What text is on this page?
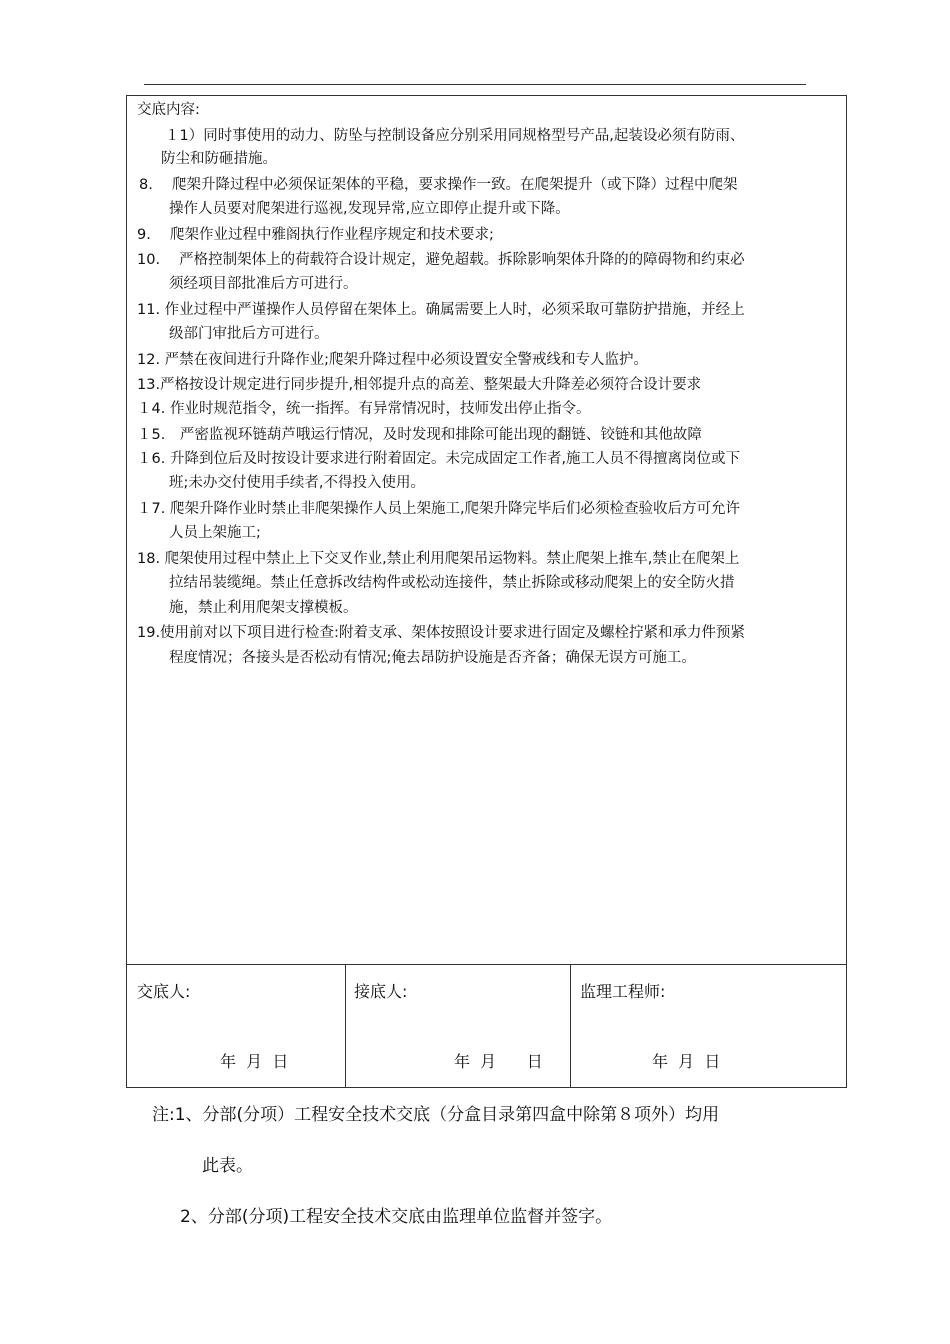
交底内容:
１1）同时事使用的动力、防坠与控制设备应分别采用同规格型号产品,起装设必须有防雨、
防尘和防砸措施。
8.　 爬架升降过程中必须保证架体的平稳，要求操作一致。在爬架提升（或下降）过程中爬架
操作人员要对爬架进行巡视,发现异常,应立即停止提升或下降。
9.　 爬架作业过程中雅阁执行作业程序规定和技术要求;
10.　 严格控制架体上的荷载符合设计规定，避免超载。拆除影响架体升降的的障碍物和约束必
须经项目部批准后方可进行。
11. 作业过程中严谨操作人员停留在架体上。确属需要上人时，必须采取可靠防护措施，并经上
级部门审批后方可进行。
12. 严禁在夜间进行升降作业;爬架升降过程中必须设置安全警戒线和专人监护。
13.严格按设计规定进行同步提升,相邻提升点的高差、整架最大升降差必须符合设计要求
１4. 作业时规范指令，统一指挥。有异常情况时，技师发出停止指令。
１5.　严密监视环链葫芦哦运行情况，及时发现和排除可能出现的翻链、铰链和其他故障
１6. 升降到位后及时按设计要求进行附着固定。未完成固定工作者,施工人员不得擅离岗位或下
班;未办交付使用手续者,不得投入使用。
１7. 爬架升降作业时禁止非爬架操作人员上架施工,爬架升降完毕后们必须检查验收后方可允许
人员上架施工;
18. 爬架使用过程中禁止上下交叉作业,禁止利用爬架吊运物料。禁止爬架上推车,禁止在爬架上
拉结吊装缆绳。禁止任意拆改结构件或松动连接件，禁止拆除或移动爬架上的安全防火措
施，禁止利用爬架支撑模板。
19.使用前对以下项目进行检查:附着支承、架体按照设计要求进行固定及螺栓拧紧和承力件预紧
程度情况；各接头是否松动有情况;俺去昂防护设施是否齐备；确保无误方可施工。
交底人:
年  月  日
接底人:
年  月      日
监理工程师:
年  月  日
注:1、分部(分项）工程安全技术交底（分盒目录第四盒中除第８项外）均用
此表。
2、分部(分项)工程安全技术交底由监理单位监督并签字。
